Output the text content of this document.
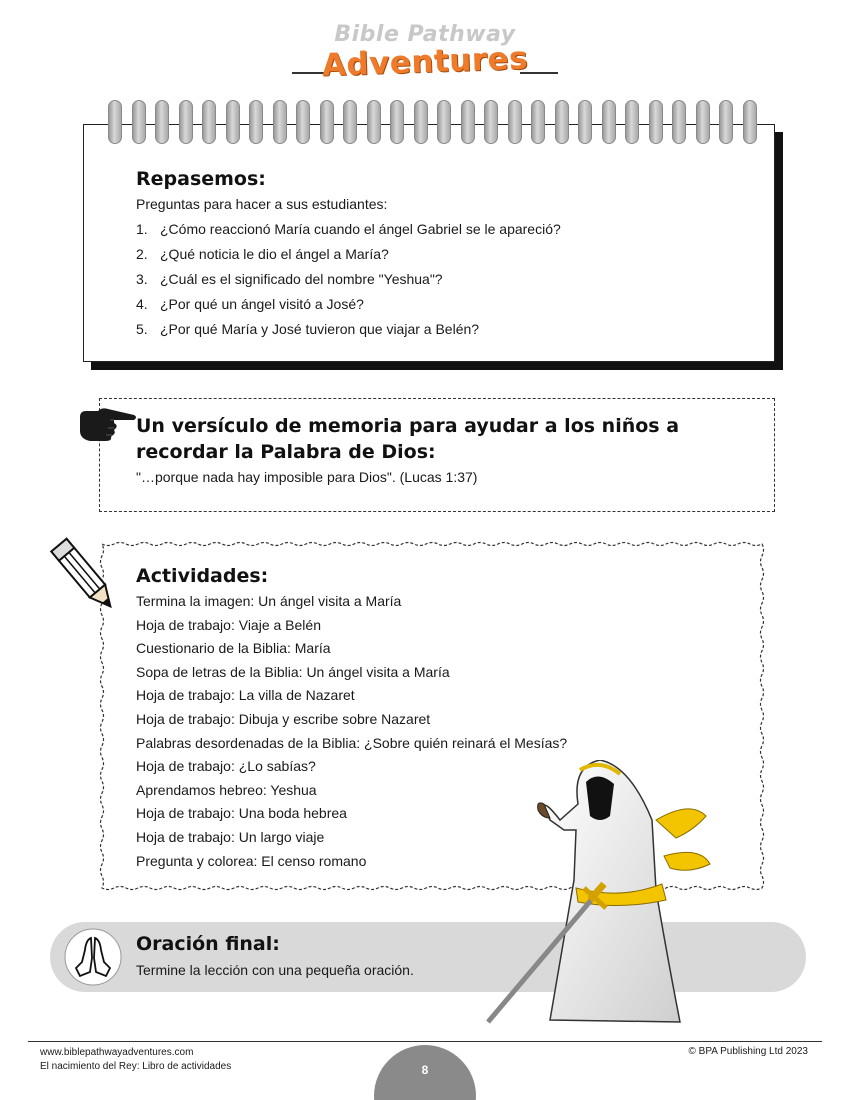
Bible Pathway
Adventures
Repasemos:
Preguntas para hacer a sus estudiantes:
1. ¿Cómo reaccionó María cuando el ángel Gabriel se le apareció?
2. ¿Qué noticia le dio el ángel a María?
3. ¿Cuál es el significado del nombre "Yeshua"?
4. ¿Por qué un ángel visitó a José?
5. ¿Por qué María y José tuvieron que viajar a Belén?
Un versículo de memoria para ayudar a los niños a recordar la Palabra de Dios:
"…porque nada hay imposible para Dios". (Lucas 1:37)
Actividades:
Termina la imagen: Un ángel visita a María
Hoja de trabajo: Viaje a Belén
Cuestionario de la Biblia: María
Sopa de letras de la Biblia: Un ángel visita a María
Hoja de trabajo: La villa de Nazaret
Hoja de trabajo: Dibuja y escribe sobre Nazaret
Palabras desordenadas de la Biblia: ¿Sobre quién reinará el Mesías?
Hoja de trabajo: ¿Lo sabías?
Aprendamos hebreo: Yeshua
Hoja de trabajo: Una boda hebrea
Hoja de trabajo: Un largo viaje
Pregunta y colorea: El censo romano
Oración final:
Termine la lección con una pequeña oración.
www.biblepathwayadventures.com
El nacimiento del Rey: Libro de actividades
© BPA Publishing Ltd 2023
8
